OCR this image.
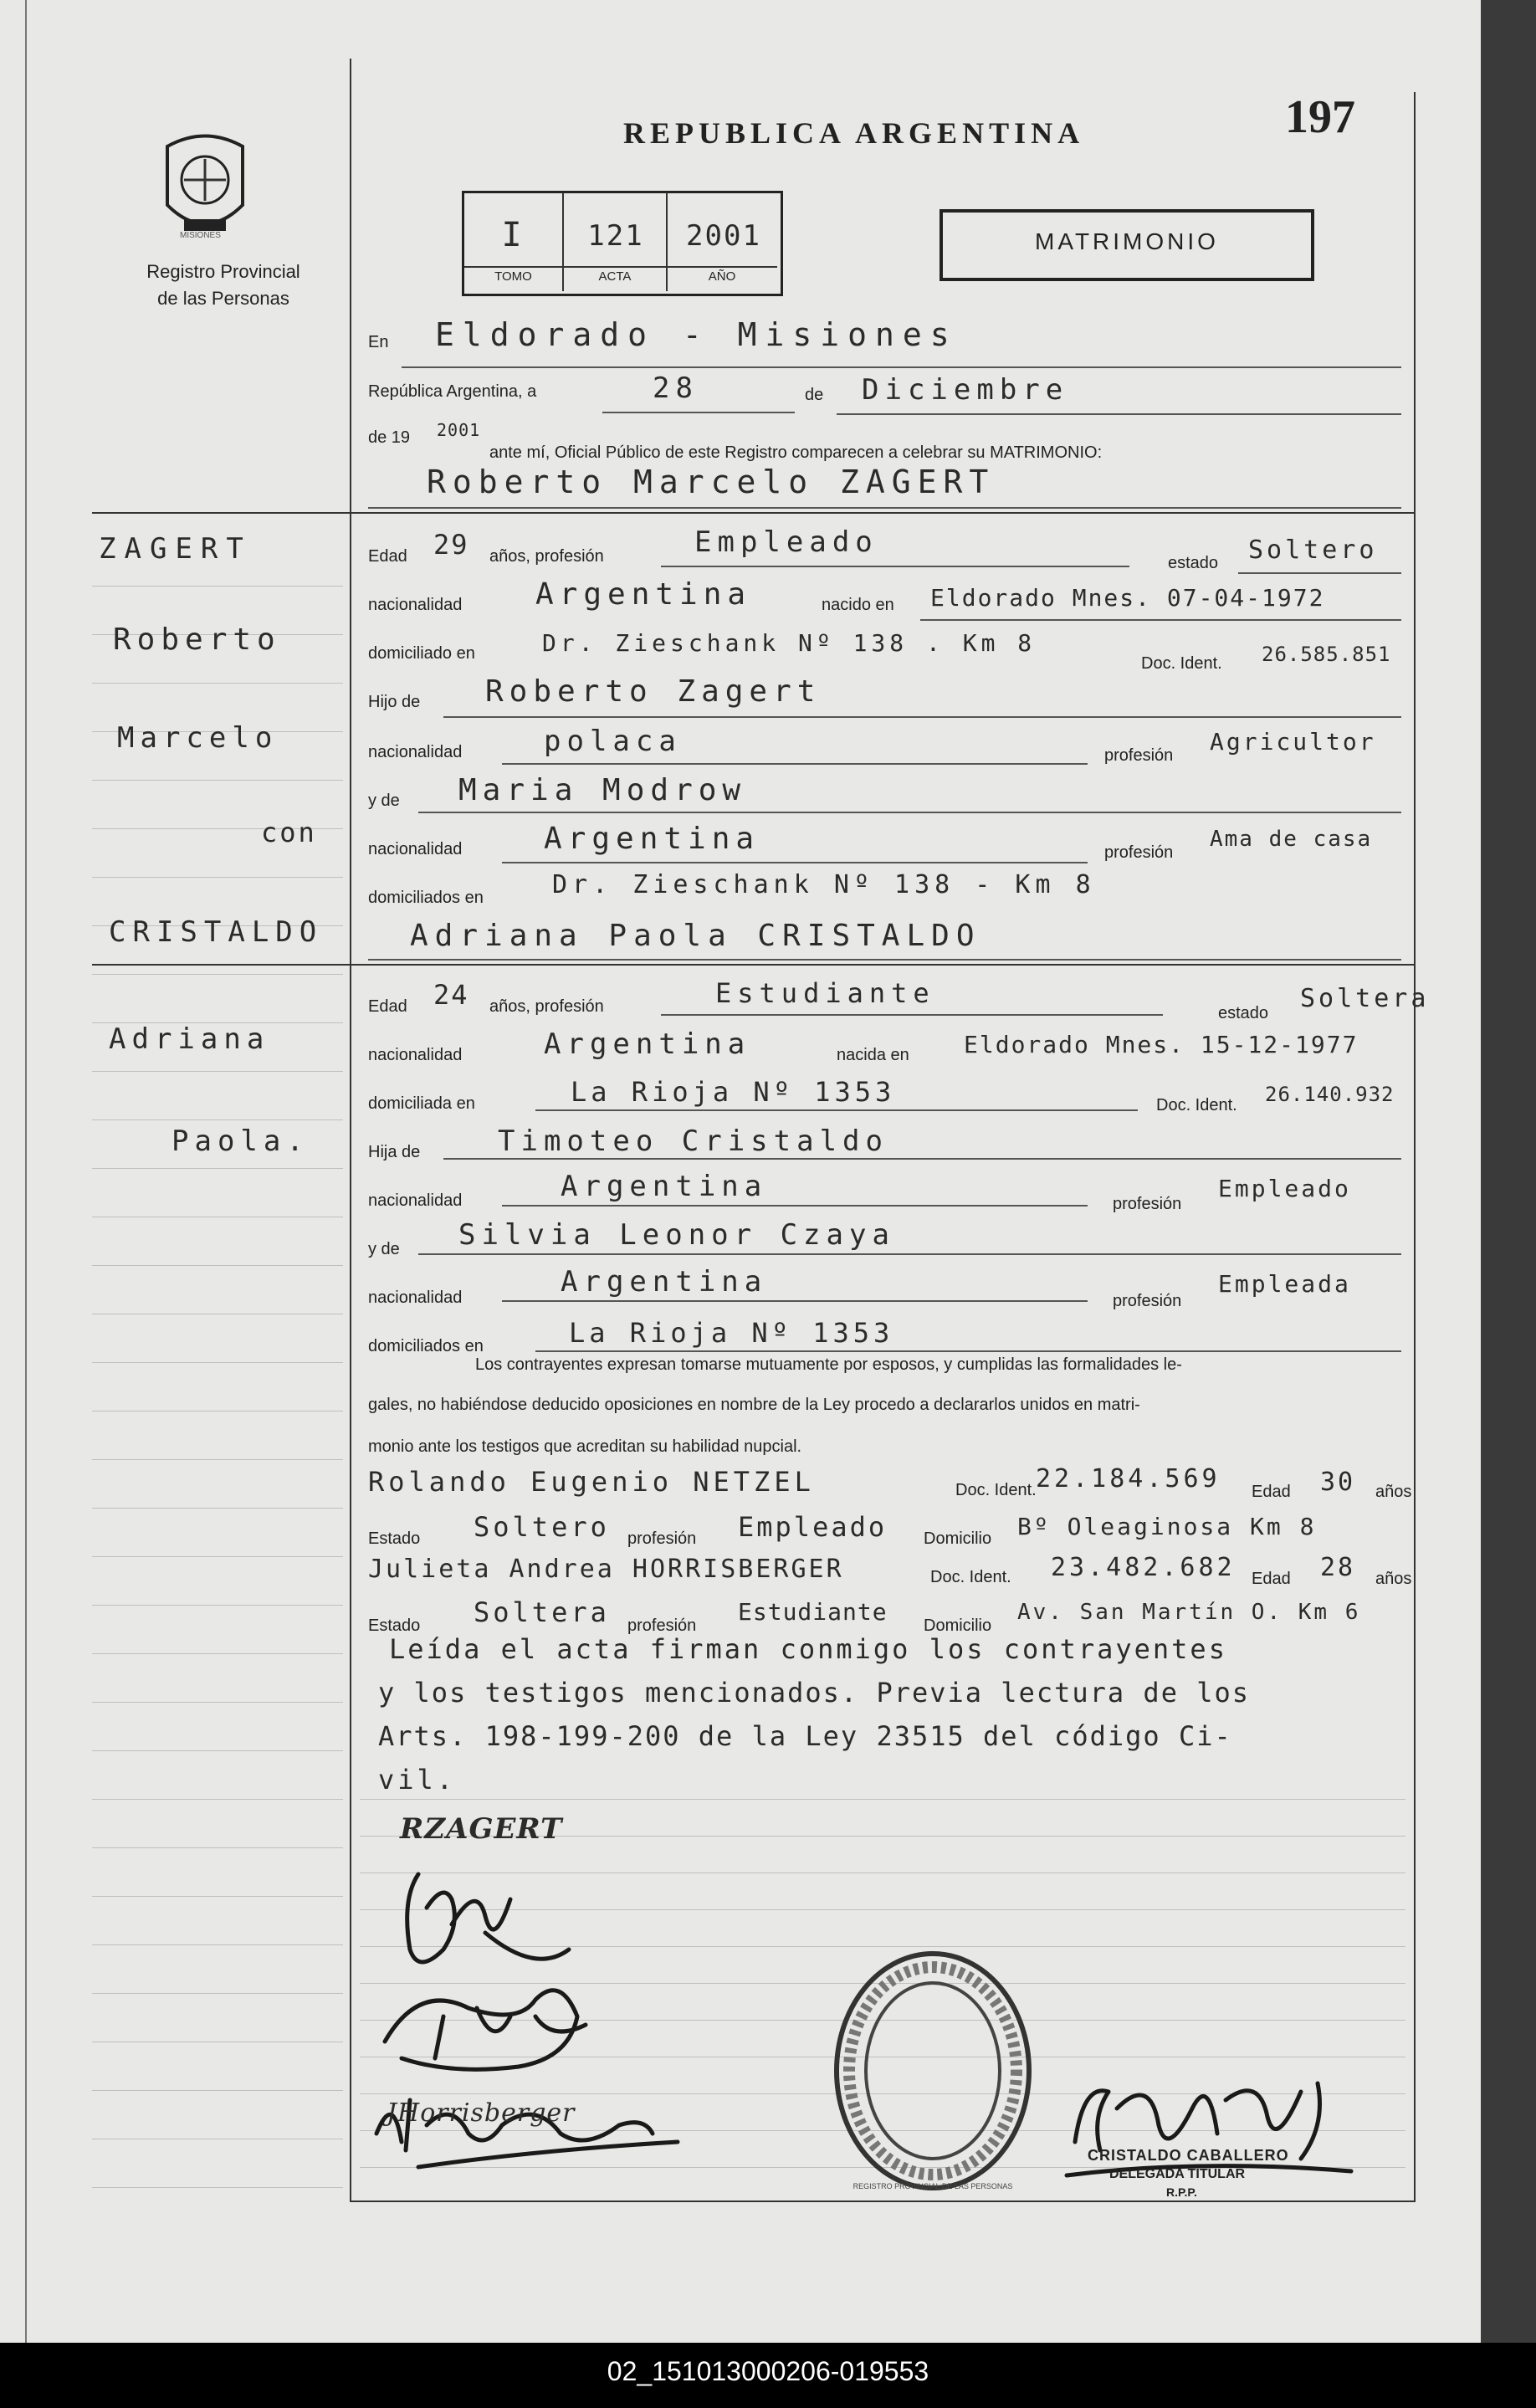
MISIONES
Registro Provincial
de las Personas
REPUBLICA ARGENTINA	197
I	121	2001
TOMO	ACTA	AÑO
MATRIMONIO
En Eldorado - Misiones
República Argentina, a	28	de Diciembre
de 19 2001
ante mí, Oficial Público de este Registro comparecen a celebrar su MATRIMONIO:
Roberto Marcelo ZAGERT
ZAGERT
Roberto
Marcelo
con
CRISTALDO
Adriana
Paola.
Edad 29 años, profesión	Empleado
estado Soltero
nacionalidad Argentina	nacido en Eldorado Mnes. 07-04-1972
domiciliado en	Dr. Zieschank Nº 138 . Km 8
Doc. Ident. 26.585.851
Hijo de Roberto Zagert
nacionalidad	polaca	profesión Agricultor
y de Maria Modrow
nacionalidad	Argentina	profesión
Ama de casa
domiciliados en	Dr. Zieschank Nº 138 - Km 8
Adriana Paola CRISTALDO
Edad 24 años, profesión	Estudiante
estado Soltera
nacionalidad	Argentina	nacida en Eldorado Mnes. 15-12-1977
domiciliada en	La Rioja Nº 1353	Doc. Ident. 26.140.932
Hija de	Timoteo Cristaldo
nacionalidad	Argentina
profesión
Empleado
y de Silvia Leonor Czaya
nacionalidad	Argentina
profesión
Empleada
domiciliados en	La Rioja Nº 1353
Los contrayentes expresan tomarse mutuamente por esposos, y cumplidas las formalidades le-
gales, no habiéndose deducido oposiciones en nombre de la Ley procedo a declararlos unidos en matri-
monio ante los testigos que acreditan su habilidad nupcial.
Rolando Eugenio NETZEL	Doc. Ident. 22.184.569 Edad 30 años
Estado Soltero profesión Empleado Domicilio Bº Oleaginosa Km 8
Julieta Andrea HORRISBERGER	Doc. Ident. 23.482.682 Edad 28 años
Estado Soltera profesión Estudiante Domicilio
Av. San Martín O. Km 6
Leída el acta firman conmigo los contrayentes
y los testigos mencionados. Previa lectura de los
Arts. 198-199-200 de la Ley 23515 del código Ci-
vil.
RZAGERT
JHorrisberger
REGISTRO PROVINCIAL DE LAS PERSONAS
CRISTALDO CABALLERO
DELEGADA TITULAR
R.P.P.
02_151013000206-019553
